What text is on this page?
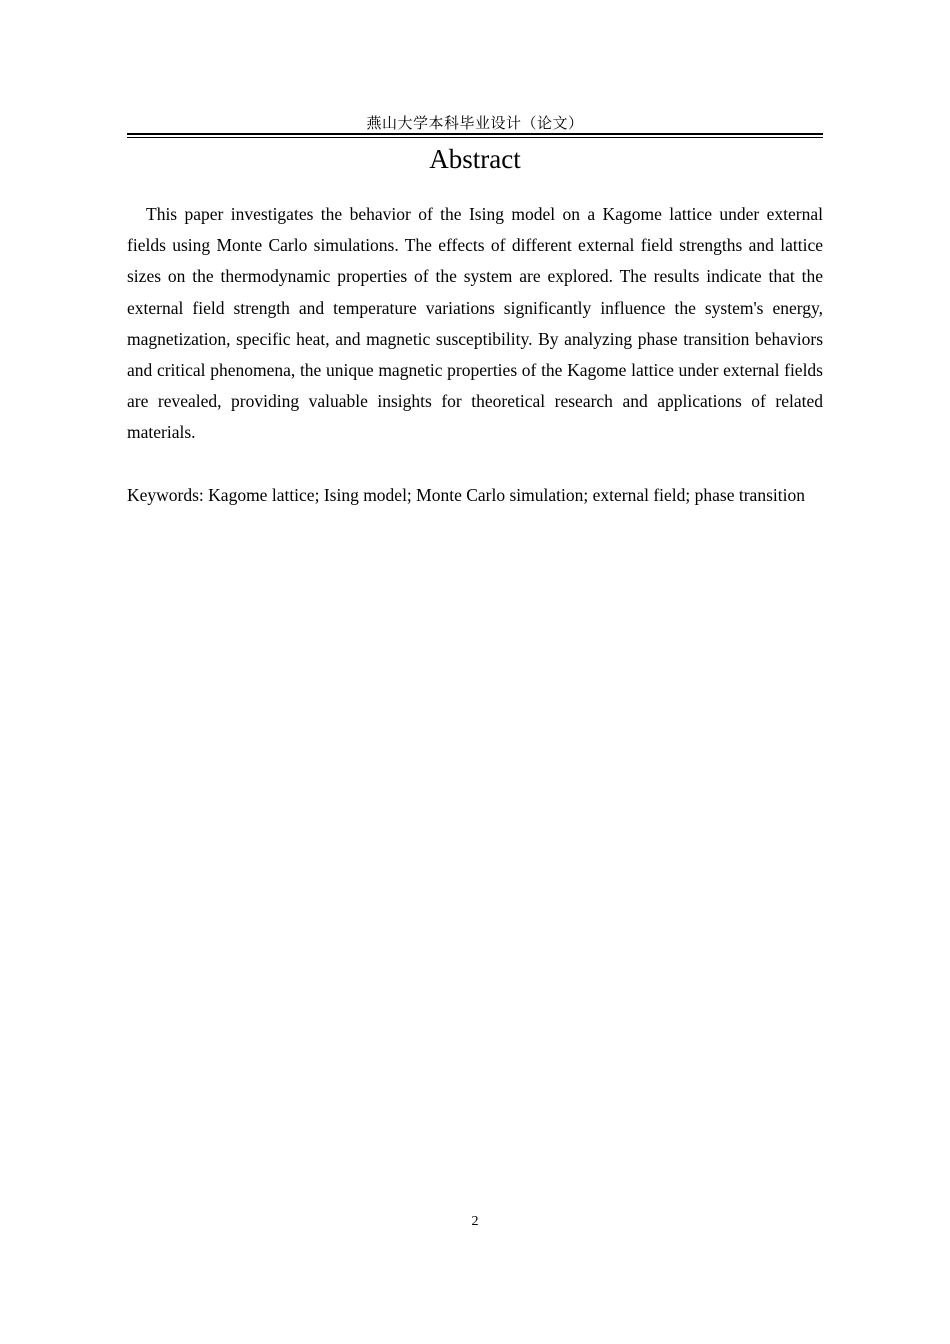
燕山大学本科毕业设计（论文）
Abstract

This paper investigates the behavior of the Ising model on a Kagome lattice under external fields using Monte Carlo simulations. The effects of different external field strengths and lattice sizes on the thermodynamic properties of the system are explored. The results indicate that the external field strength and temperature variations significantly influence the system's energy, magnetization, specific heat, and magnetic susceptibility. By analyzing phase transition behaviors and critical phenomena, the unique magnetic properties of the Kagome lattice under external fields are revealed, providing valuable insights for theoretical research and applications of related materials.

Keywords: Kagome lattice; Ising model; Monte Carlo simulation; external field; phase transition

2
